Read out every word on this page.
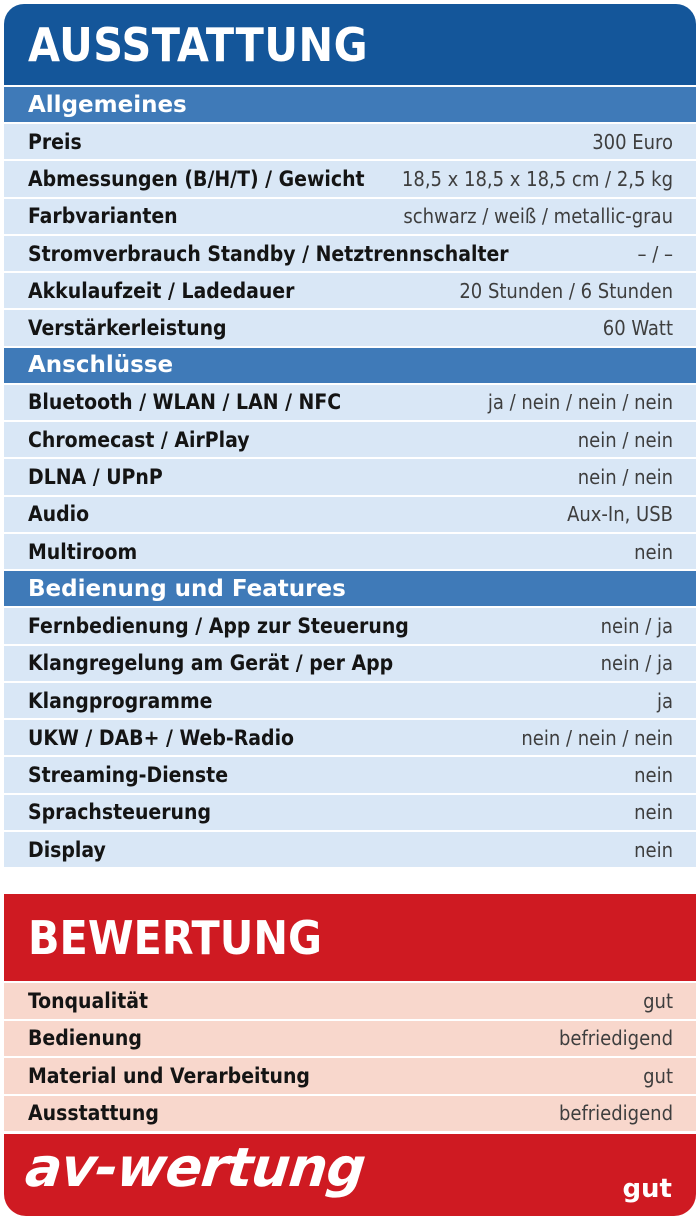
AUSSTATTUNG
Allgemeines
Preis	300 Euro
Abmessungen (B/H/T) / Gewicht 18,5 x 18,5 x 18,5 cm / 2,5 kg
Farbvarianten	schwarz / weiß / metallic-grau
Stromverbrauch Standby / Netztrennschalter	– / –
Akkulaufzeit / Ladedauer	20 Stunden / 6 Stunden
Verstärkerleistung	60 Watt
Anschlüsse
Bluetooth / WLAN / LAN / NFC	ja / nein / nein / nein
Chromecast / AirPlay	nein / nein
DLNA / UPnP	nein / nein
Audio	Aux-In, USB
Multiroom	nein
Bedienung und Features
Fernbedienung / App zur Steuerung	nein / ja
Klangregelung am Gerät / per App	nein / ja
Klangprogramme	ja
UKW / DAB+ / Web-Radio	nein / nein / nein
Streaming-Dienste	nein
Sprachsteuerung	nein
Display	nein
BEWERTUNG
Tonqualität	gut
Bedienung	befriedigend
Material und Verarbeitung	gut
Ausstattung	befriedigend
av-wertung	gut
